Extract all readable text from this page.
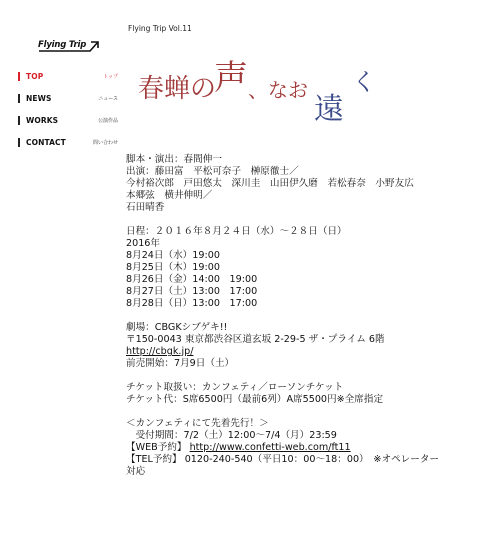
Flying Trip
TOP	トップ
NEWS	ニュース
WORKS	公演作品
CONTACT	問い合わせ
Flying Trip Vol.11
春蝉の
声 、なお
遠
く
脚本・演出：春間伸一
出演：藤田富　平松可奈子　榊原徹士／
今村裕次郎　戸田悠太　深川圭　山田伊久磨　若松春奈　小野友広
本郷弦　横井伸明／
石田晴香
日程：２０１６年８月２４日（水）～２８日（日）
2016年
8月24日（水）19:00
8月25日（木）19:00
8月26日（金）14:00　19:00
8月27日（土）13:00　17:00
8月28日（日）13:00　17:00
劇場：CBGKシブゲキ!!
〒150-0043 東京都渋谷区道玄坂 2-29-5 ザ・プライム 6階
http://cbgk.jp/
前売開始：7月9日（土）
チケット取扱い：カンフェティ／ローソンチケット
チケット代：S席6500円（最前6列）A席5500円※全席指定
＜カンフェティにて先着先行！＞
　受付期間：7/2（土）12:00～7/4（月）23:59
【WEB予約】 http://www.confetti-web.com/ft11
【TEL予約】 0120-240-540（平日10：00～18：00）　※オペレーター
対応
